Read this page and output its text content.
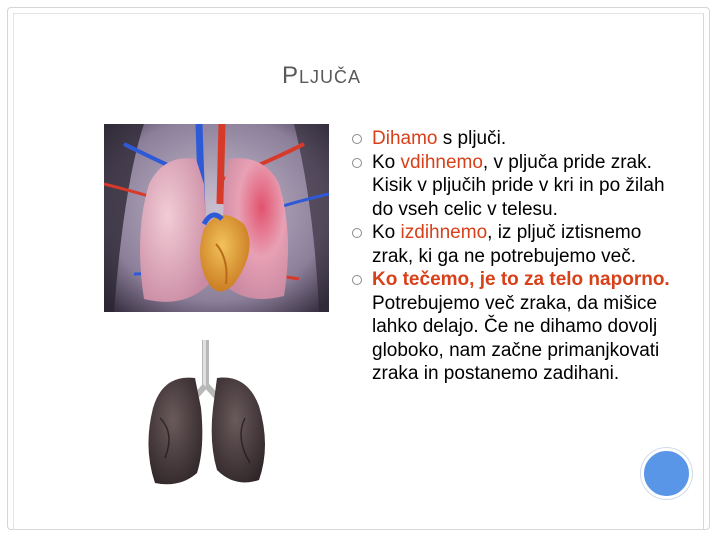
PLJUČA
Dihamo s pljuči.
Ko vdihnemo, v pljuča pride zrak. Kisik v pljučih pride v kri in po žilah do vseh celic v telesu.
Ko izdihnemo, iz pljuč iztisnemo zrak, ki ga ne potrebujemo več.
Ko tečemo, je to za telo naporno. Potrebujemo več zraka, da mišice lahko delajo. Če ne dihamo dovolj globoko, nam začne primanjkovati zraka in postanemo zadihani.
